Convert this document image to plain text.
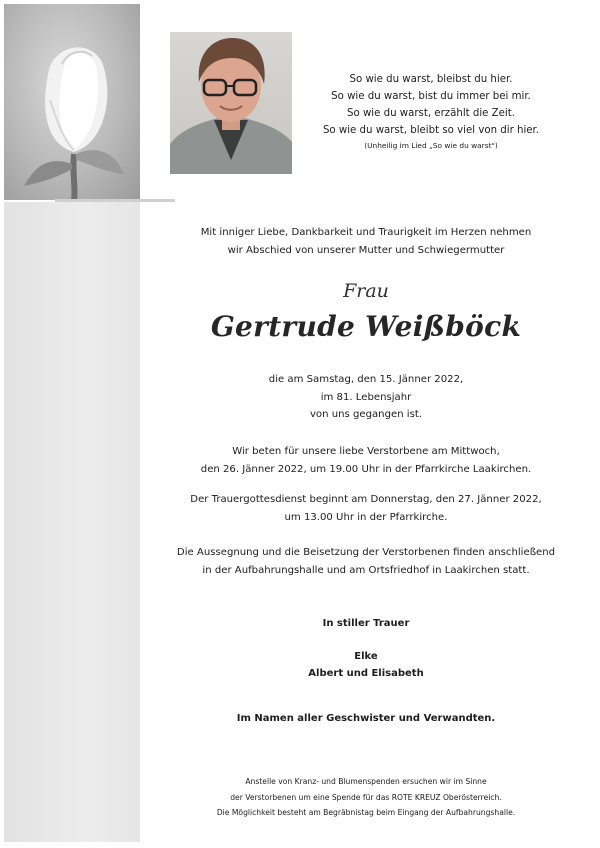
So wie du warst, bleibst du hier.
So wie du warst, bist du immer bei mir.
So wie du warst, erzählt die Zeit.
So wie du warst, bleibt so viel von dir hier.
(Unheilig im Lied „So wie du warst")
Mit inniger Liebe, Dankbarkeit und Traurigkeit im Herzen nehmen
wir Abschied von unserer Mutter und Schwiegermutter
Frau
Gertrude Weißböck
die am Samstag, den 15. Jänner 2022,
im 81. Lebensjahr
von uns gegangen ist.
Wir beten für unsere liebe Verstorbene am Mittwoch,
den 26. Jänner 2022, um 19.00 Uhr in der Pfarrkirche Laakirchen.
Der Trauergottesdienst beginnt am Donnerstag, den 27. Jänner 2022,
um 13.00 Uhr in der Pfarrkirche.
Die Aussegnung und die Beisetzung der Verstorbenen finden anschließend
in der Aufbahrungshalle und am Ortsfriedhof in Laakirchen statt.
In stiller Trauer
Elke
Albert und Elisabeth
Im Namen aller Geschwister und Verwandten.
Anstelle von Kranz- und Blumenspenden ersuchen wir im Sinne
der Verstorbenen um eine Spende für das ROTE KREUZ Oberösterreich.
Die Möglichkeit besteht am Begräbnistag beim Eingang der Aufbahrungshalle.
